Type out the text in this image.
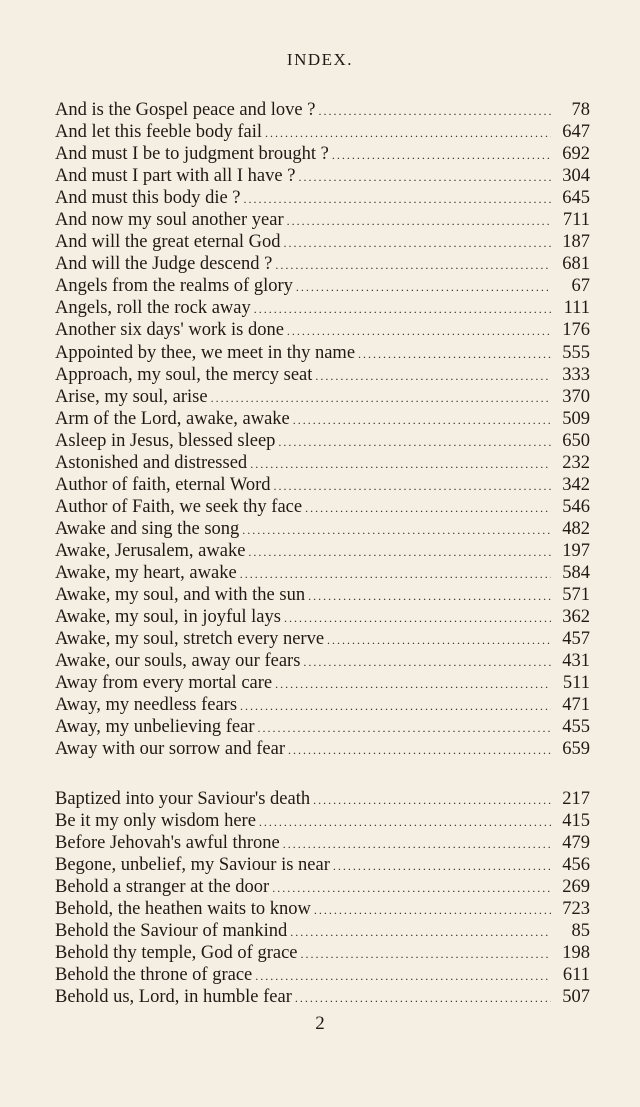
INDEX.
And is the Gospel peace and love ? .....	78
And let this feeble body fail .....	647
And must I be to judgment brought ? .....	692
And must I part with all I have ? .....	304
And must this body die ? .....	645
And now my soul another year .....	711
And will the great eternal God .....	187
And will the Judge descend ? .....	681
Angels from the realms of glory .....	67
Angels, roll the rock away .....	111
Another six days' work is done .....	176
Appointed by thee, we meet in thy name .....	555
Approach, my soul, the mercy seat .....	333
Arise, my soul, arise .....	370
Arm of the Lord, awake, awake .....	509
Asleep in Jesus, blessed sleep .....	650
Astonished and distressed .....	232
Author of faith, eternal Word .....	342
Author of Faith, we seek thy face .....	546
Awake and sing the song .....	482
Awake, Jerusalem, awake .....	197
Awake, my heart, awake .....	584
Awake, my soul, and with the sun .....	571
Awake, my soul, in joyful lays .....	362
Awake, my soul, stretch every nerve .....	457
Awake, our souls, away our fears .....	431
Away from every mortal care .....	511
Away, my needless fears .....	471
Away, my unbelieving fear .....	455
Away with our sorrow and fear .....	659
Baptized into your Saviour's death .....	217
Be it my only wisdom here .....	415
Before Jehovah's awful throne .....	479
Begone, unbelief, my Saviour is near .....	456
Behold a stranger at the door .....	269
Behold, the heathen waits to know .....	723
Behold the Saviour of mankind .....	85
Behold thy temple, God of grace .....	198
Behold the throne of grace .....	611
Behold us, Lord, in humble fear .....	507
2
